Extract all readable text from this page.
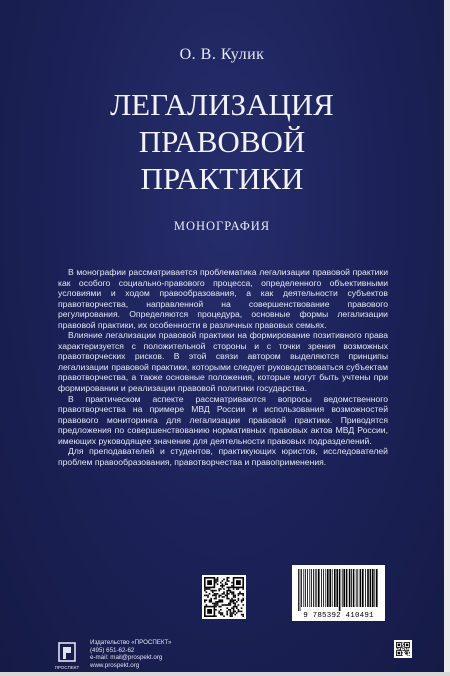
О. В. Кулик
ЛЕГАЛИЗАЦИЯ
ПРАВОВОЙ
ПРАКТИКИ
МОНОГРАФИЯ

В монографии рассматривается проблематика легализации правовой практики как особого социально-правового процесса, определенного объективными условиями и ходом правообразования, а как деятельности субъектов правотворчества, направленной на совершенствование правового регулирования. Определяются процедура, основные формы легализации правовой практики, их особенности в различных правовых семьях.

Влияние легализации правовой практики на формирование позитивного права характеризуется с положительной стороны и с точки зрения возможных правотворческих рисков. В этой связи автором выделяются принципы легализации правовой практики, которыми следует руководствоваться субъектам правотворчества, а также основные положения, которые могут быть учтены при формировании и реализации правовой политики государства.

В практическом аспекте рассматриваются вопросы ведомственного правотворчества на примере МВД России и использования возможностей правового мониторинга для легализации правовой практики. Приводятся предложения по совершенствованию нормативных правовых актов МВД России, имеющих руководящее значение для деятельности правовых подразделений.

Для преподавателей и студентов, практикующих юристов, исследователей проблем правообразования, правотворчества и правоприменения.

ПРОСПЕКТ
Издательство «ПРОСПЕКТ»
(495) 651-62-62
e-mail: mail@prospekt.org
www.prospekt.org
9 785392 410491
